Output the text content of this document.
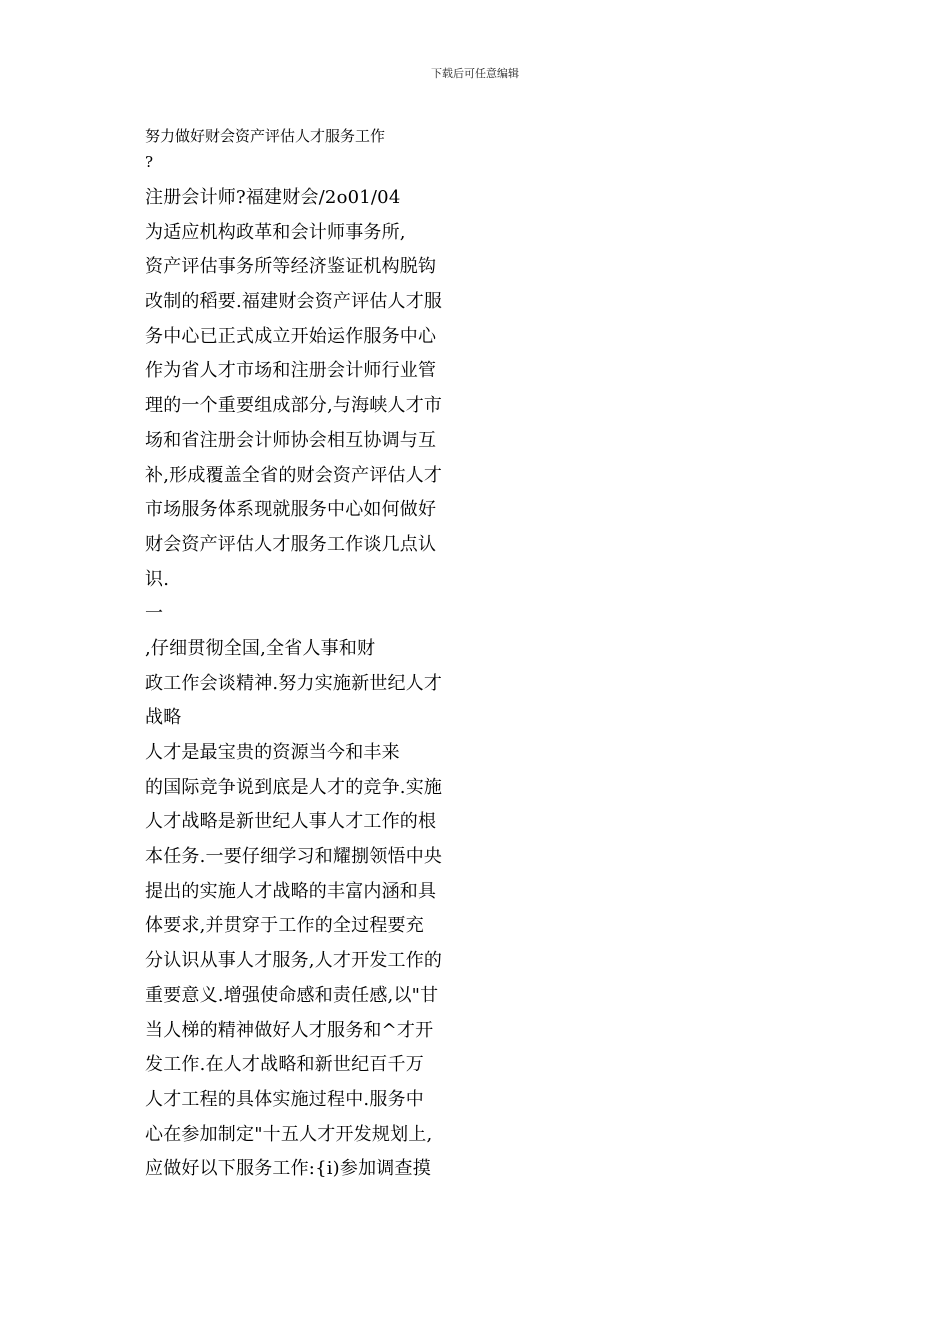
下载后可任意编辑
努力做好财会资产评估人才服务工作
?
注册会计师?福建财会/2o01/04
为适应机构政革和会计师事务所,
资产评估事务所等经济鉴证机构脱钩
改制的稻要.福建财会资产评估人才服
务中心已正式成立开始运作服务中心
作为省人才市场和注册会计师行业管
理的一个重要组成部分,与海峡人才市
场和省注册会计师协会相互协调与互
补,形成覆盖全省的财会资产评估人才
市场服务体系现就服务中心如何做好
财会资产评估人才服务工作谈几点认
识.
一
,仔细贯彻全国,全省人事和财
政工作会谈精神.努力实施新世纪人才
战略
人才是最宝贵的资源当今和丰来
的国际竞争说到底是人才的竞争.实施
人才战略是新世纪人事人才工作的根
本任务.一要仔细学习和耀捌领悟中央
提出的实施人才战略的丰富内涵和具
体要求,并贯穿于工作的全过程要充
分认识从事人才服务,人才开发工作的
重要意义.增强使命感和责任感,以"甘
当人梯的精神做好人才服务和^才开
发工作.在人才战略和新世纪百千万
人才工程的具体实施过程中.服务中
心在参加制定"十五人才开发规划上,
应做好以下服务工作:{i)参加调查摸
